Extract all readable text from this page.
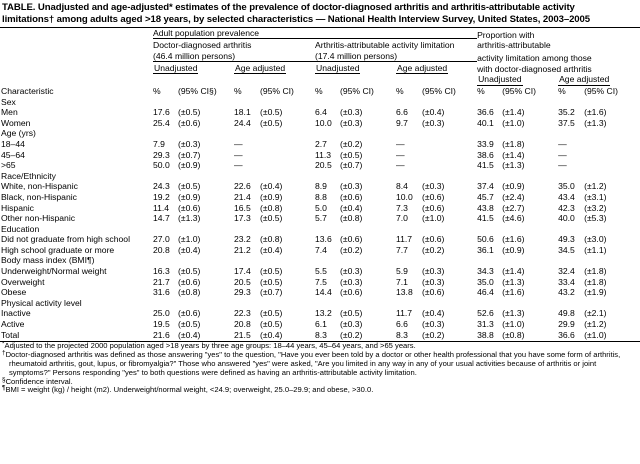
TABLE. Unadjusted and age-adjusted* estimates of the prevalence of doctor-diagnosed arthritis and arthritis-attributable activity
limitations† among adults aged >18 years, by selected characteristics — National Health Interview Survey, United States, 2003–2005

	Adult population prevalence								Proportion with			
	Doctor-diagnosed arthritis				Arthritis-attributable activity limitation				arthritis-attributable			

	(46.4 million persons)				(17.4 million persons)				activity limitation among those			
	Unadjusted		Age adjusted		Unadjusted		Age adjusted		with doctor-diagnosed arthritis			
									Unadjusted		Age adjusted	
Characteristic	%	(95% CI§)	%	(95% CI)	%	(95% CI)	%	(95% CI)	%	(95% CI)	%	(95% CI)
Sex												
Men	17.6	(±0.5)	18.1	(±0.5)	6.4	(±0.3)	6.6	(±0.4)	36.6	(±1.4)	35.2	(±1.6)
Women	25.4	(±0.6)	24.4	(±0.5)	10.0	(±0.3)	9.7	(±0.3)	40.1	(±1.0)	37.5	(±1.3)
Age (yrs)												
18–44	7.9	(±0.3)	—		2.7	(±0.2)	—		33.9	(±1.8)	—	
45–64	29.3	(±0.7)	—		11.3	(±0.5)	—		38.6	(±1.4)	—	
>65	50.0	(±0.9)	—		20.5	(±0.7)	—		41.5	(±1.3)	—	
Race/Ethnicity												
White, non-Hispanic	24.3	(±0.5)	22.6	(±0.4)	8.9	(±0.3)	8.4	(±0.3)	37.4	(±0.9)	35.0	(±1.2)
Black, non-Hispanic	19.2	(±0.9)	21.4	(±0.9)	8.8	(±0.6)	10.0	(±0.6)	45.7	(±2.4)	43.4	(±3.1)
Hispanic	11.4	(±0.6)	16.5	(±0.8)	5.0	(±0.4)	7.3	(±0.6)	43.8	(±2.7)	42.3	(±3.2)
Other non-Hispanic	14.7	(±1.3)	17.3	(±0.5)	5.7	(±0.8)	7.0	(±1.0)	41.5	(±4.6)	40.0	(±5.3)
Education												
Did not graduate from high school	27.0	(±1.0)	23.2	(±0.8)	13.6	(±0.6)	11.7	(±0.6)	50.6	(±1.6)	49.3	(±3.0)
High school graduate or more	20.8	(±0.4)	21.2	(±0.4)	7.4	(±0.2)	7.7	(±0.2)	36.1	(±0.9)	34.5	(±1.1)
Body mass index (BMI¶)												
Underweight/Normal weight	16.3	(±0.5)	17.4	(±0.5)	5.5	(±0.3)	5.9	(±0.3)	34.3	(±1.4)	32.4	(±1.8)
Overweight	21.7	(±0.6)	20.5	(±0.5)	7.5	(±0.3)	7.1	(±0.3)	35.0	(±1.3)	33.4	(±1.8)
Obese	31.6	(±0.8)	29.3	(±0.7)	14.4	(±0.6)	13.8	(±0.6)	46.4	(±1.6)	43.2	(±1.9)
Physical activity level												
Inactive	25.0	(±0.6)	22.3	(±0.5)	13.2	(±0.5)	11.7	(±0.4)	52.6	(±1.3)	49.8	(±2.1)
Active	19.5	(±0.5)	20.8	(±0.5)	6.1	(±0.3)	6.6	(±0.3)	31.3	(±1.0)	29.9	(±1.2)
Total	21.6	(±0.4)	21.5	(±0.4)	8.3	(±0.2)	8.3	(±0.2)	38.8	(±0.8)	36.6	(±1.0)

*Adjusted to the projected 2000 population aged >18 years by three age groups: 18–44 years, 45–64 years, and >65 years.

†Doctor-diagnosed arthritis was defined as those answering "yes" to the question, "Have you ever been told by a doctor or other health professional that you have some form of arthritis, rheumatoid arthritis, gout, lupus, or fibromyalgia?" Those who answered "yes" were asked, "Are you limited in any way in any of your usual activities because of arthritis or joint symptoms?" Persons responding "yes" to both questions were defined as having an arthritis-attributable activity limitation.

§Confidence interval.

¶BMI = weight (kg) / height (m2). Underweight/normal weight, <24.9; overweight, 25.0–29.9; and obese, >30.0.
